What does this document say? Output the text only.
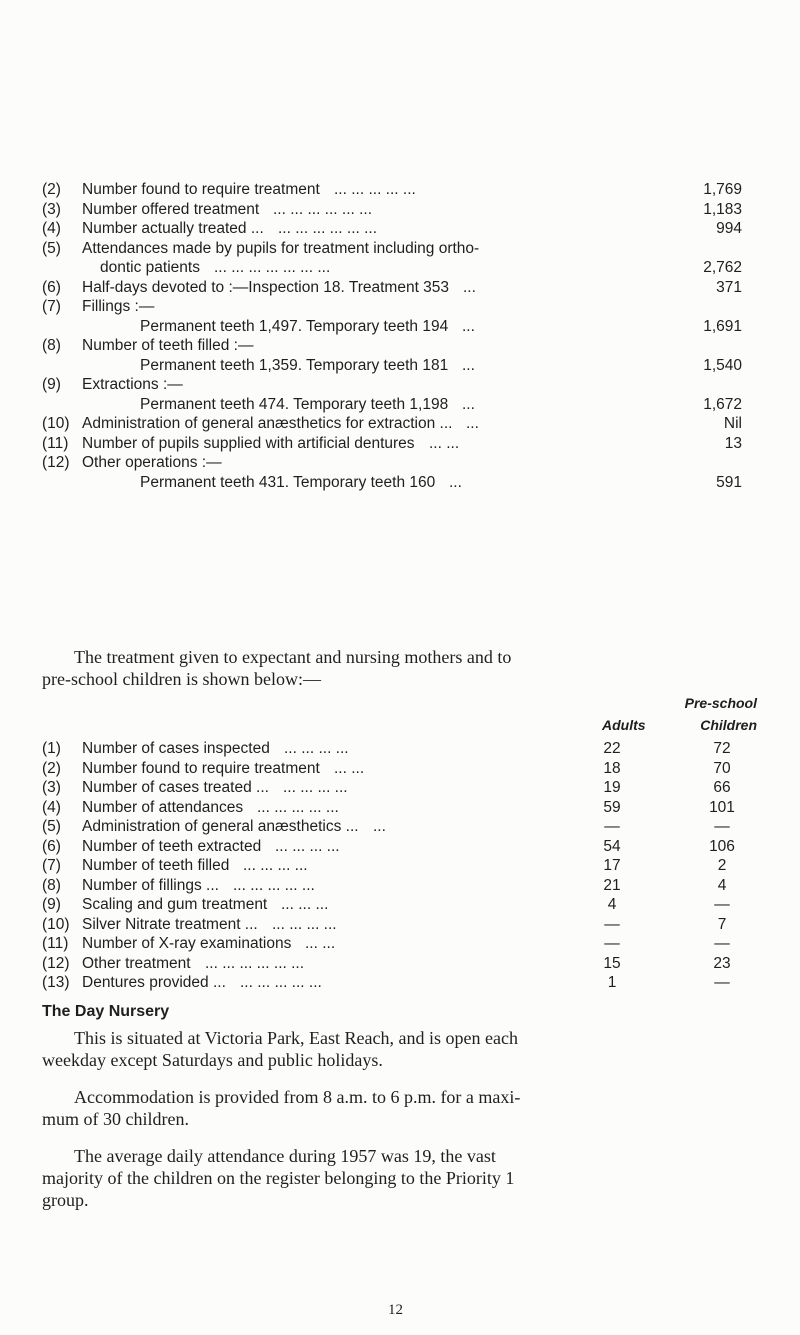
(2)	Number found to require treatment ... ... ... ... ...	1,769
(3)	Number offered treatment ... ... ... ... ... ...	1,183
(4)	Number actually treated ... ... ... ... ... ... ...	994
(5)	Attendances made by pupils for treatment including ortho-
dontic patients ... ... ... ... ... ... ...	2,762
(6)	Half-days devoted to :—Inspection 18. Treatment 353 ...	371
(7)	Fillings :—
Permanent teeth 1,497. Temporary teeth 194 ...	1,691
(8)	Number of teeth filled :—
Permanent teeth 1,359. Temporary teeth 181 ...	1,540
(9)	Extractions :—
Permanent teeth 474. Temporary teeth 1,198 ...	1,672
(10) Administration of general anæsthetics for extraction ... ...	Nil
(11) Number of pupils supplied with artificial dentures ... ...	13
(12) Other operations :—
Permanent teeth 431. Temporary teeth 160 ...	591

The treatment given to expectant and nursing mothers and to
pre-school children is shown below:—

Pre-school
Adults	Children
(1)	Number of cases inspected ... ... ... ...	22	72
(2)	Number found to require treatment ... ...	18	70
(3)	Number of cases treated ... ... ... ... ...	19	66
(4)	Number of attendances ... ... ... ... ...	59	101
(5)	Administration of general anæsthetics ... ...	—	—
(6)	Number of teeth extracted ... ... ... ...	54	106
(7)	Number of teeth filled ... ... ... ...	17	2
(8)	Number of fillings ... ... ... ... ... ...	21	4
(9)	Scaling and gum treatment ... ... ...	4	—
(10) Silver Nitrate treatment ... ... ... ... ...	—	7
(11) Number of X-ray examinations ... ...	—	—
(12) Other treatment ... ... ... ... ... ...	15	23
(13) Dentures provided ... ... ... ... ... ...	1	—
The Day Nursery

This is situated at Victoria Park, East Reach, and is open each
weekday except Saturdays and public holidays.

Accommodation is provided from 8 a.m. to 6 p.m. for a maxi-
mum of 30 children.

The average daily attendance during 1957 was 19, the vast
majority of the children on the register belonging to the Priority 1
group.

12
